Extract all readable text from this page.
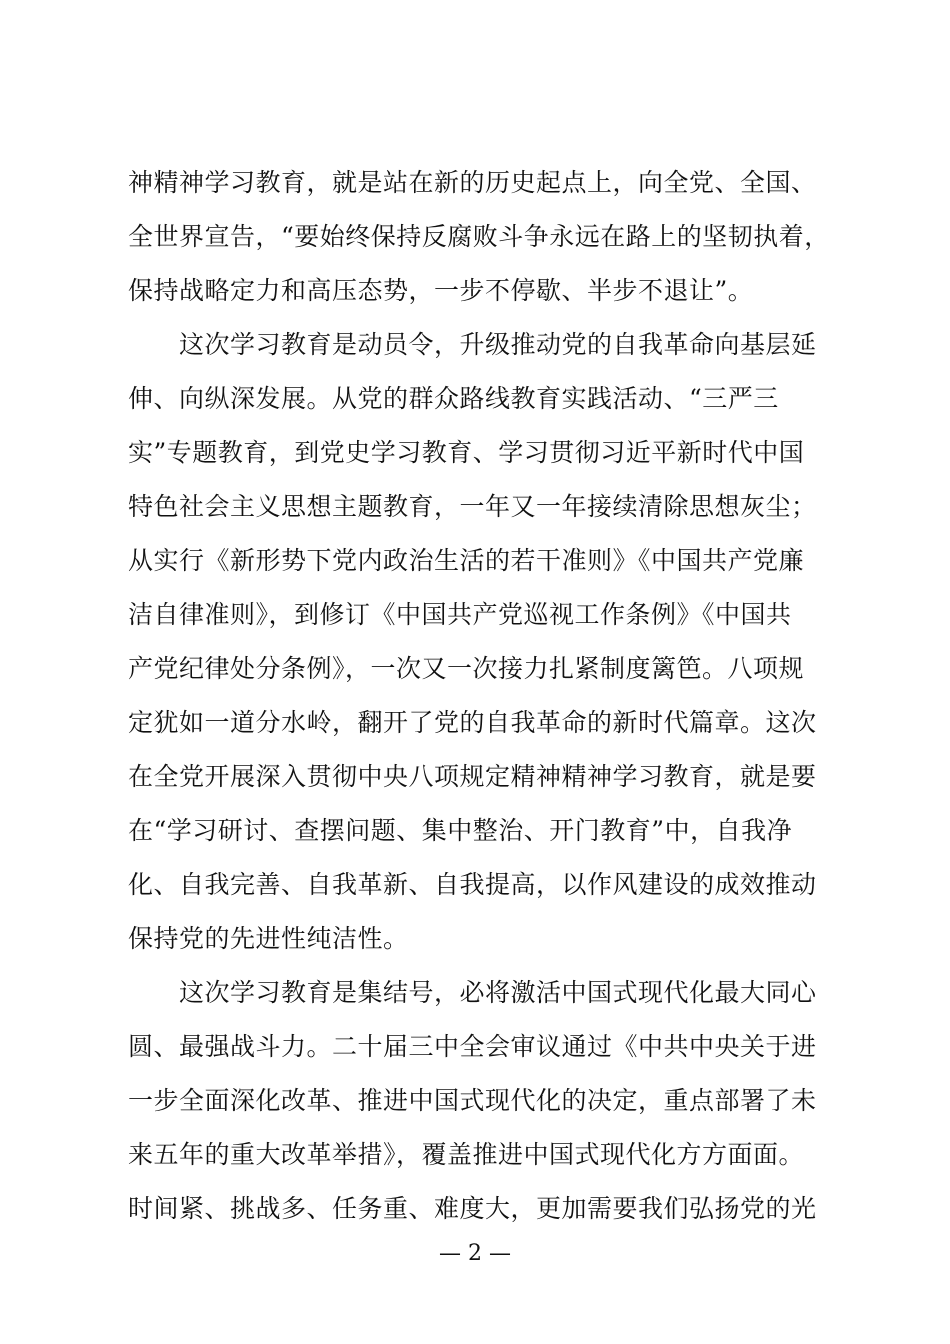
神精神学习教育，就是站在新的历史起点上，向全党、全国、
全世界宣告，“要始终保持反腐败斗争永远在路上的坚韧执着，
保持战略定力和高压态势，一步不停歇、半步不退让”。
　　这次学习教育是动员令，升级推动党的自我革命向基层延
伸、向纵深发展。从党的群众路线教育实践活动、“三严三
实”专题教育，到党史学习教育、学习贯彻习近平新时代中国
特色社会主义思想主题教育，一年又一年接续清除思想灰尘；
从实行《新形势下党内政治生活的若干准则》《中国共产党廉
洁自律准则》，到修订《中国共产党巡视工作条例》《中国共
产党纪律处分条例》，一次又一次接力扎紧制度篱笆。八项规
定犹如一道分水岭，翻开了党的自我革命的新时代篇章。这次
在全党开展深入贯彻中央八项规定精神精神学习教育，就是要
在“学习研讨、查摆问题、集中整治、开门教育”中，自我净
化、自我完善、自我革新、自我提高，以作风建设的成效推动
保持党的先进性纯洁性。
　　这次学习教育是集结号，必将激活中国式现代化最大同心
圆、最强战斗力。二十届三中全会审议通过《中共中央关于进
一步全面深化改革、推进中国式现代化的决定，重点部署了未
来五年的重大改革举措》，覆盖推进中国式现代化方方面面。
时间紧、挑战多、任务重、难度大，更加需要我们弘扬党的光
— 2 —
